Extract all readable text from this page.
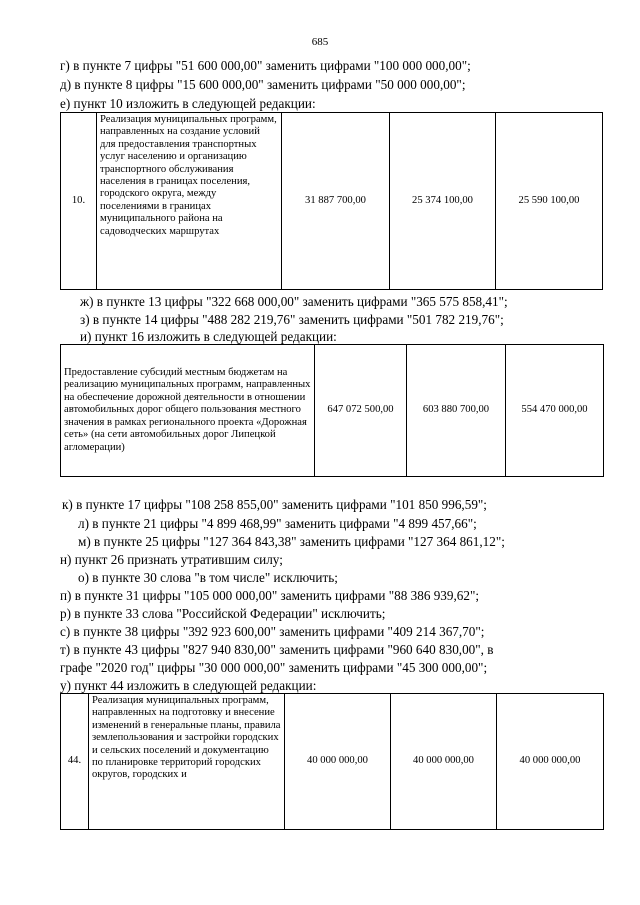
685
г) в пункте 7 цифры "51 600 000,00" заменить цифрами "100 000 000,00";
д) в пункте 8 цифры "15 600 000,00" заменить цифрами "50 000 000,00";
е) пункт 10 изложить в следующей редакции:
10.	Реализация муниципальных программ, направленных на создание условий для предоставления транспортных услуг населению и организацию транспортного обслуживания населения в границах поселения, городского округа, между поселениями в границах муниципального района на садоводческих маршрутах	31 887 700,00	25 374 100,00	25 590 100,00
ж) в пункте 13 цифры "322 668 000,00" заменить цифрами "365 575 858,41";
з) в пункте 14 цифры "488 282 219,76" заменить цифрами "501 782 219,76";
и) пункт 16 изложить в следующей редакции:
Предоставление субсидий местным бюджетам на реализацию муниципальных программ, направленных на обеспечение дорожной деятельности в отношении автомобильных дорог общего пользования местного значения в рамках регионального проекта «Дорожная сеть» (на сети автомобильных дорог Липецкой агломерации)	647 072 500,00	603 880 700,00	554 470 000,00
к) в пункте 17 цифры "108 258 855,00" заменить цифрами "101 850 996,59";
л) в пункте 21 цифры "4 899 468,99" заменить цифрами "4 899 457,66";
м) в пункте 25 цифры "127 364 843,38" заменить цифрами "127 364 861,12";
н) пункт 26 признать утратившим силу;
о) в пункте 30 слова "в том числе" исключить;
п) в пункте 31 цифры "105 000 000,00" заменить цифрами "88 386 939,62";
р) в пункте 33 слова "Российской Федерации" исключить;
с) в пункте 38 цифры "392 923 600,00" заменить цифрами "409 214 367,70";
т) в пункте 43 цифры "827 940 830,00" заменить цифрами "960 640 830,00", в
графе "2020 год" цифры "30 000 000,00" заменить цифрами "45 300 000,00";
у) пункт 44 изложить в следующей редакции:
44.	Реализация муниципальных программ, направленных на подготовку и внесение изменений в генеральные планы, правила землепользования и застройки городских и сельских поселений и документацию по планировке территорий городских округов, городских и	40 000 000,00	40 000 000,00	40 000 000,00
